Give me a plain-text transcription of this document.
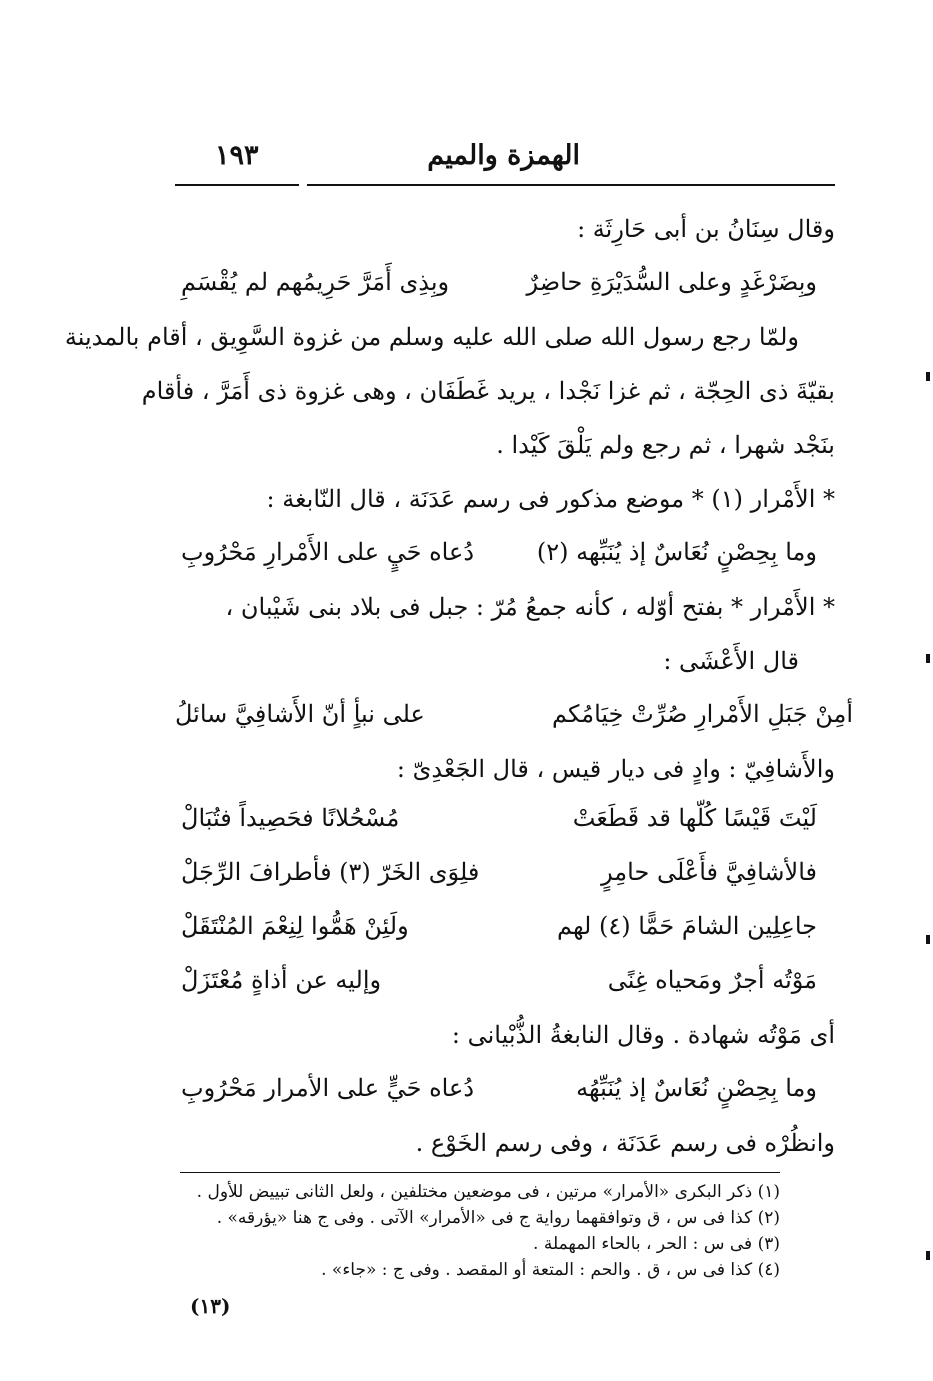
الهمزة والميم
١٩٣

وقال سِنَانُ بن أبى حَارِثَة :

وبِضَرْغَدٍ وعلى السُّدَيْرَةِ حاضِرٌ
وبِذِى أَمَرَّ حَرِيمُهم لم يُقْسَمِ

ولمّا رجع رسول الله صلى الله عليه وسلم من غزوة السَّوِيق ، أقام بالمدينة

بقيّةَ ذى الحِجّة ، ثم غزا نَجْدا ، يريد غَطَفَان ، وهى غزوة ذى أَمَرَّ ، فأقام

بنَجْد شهرا ، ثم رجع ولم يَلْقَ كَيْدا .

* الأَمْرار (١) * موضع مذكور فى رسم عَدَنَة ، قال النّابغة :

وما بِحِصْنٍ نُعَاسٌ إذ يُنَبِّهه (٢)
دُعاه حَيٍ على الأَمْرارِ مَحْرُوبِ

* الأَمْرار * بفتح أوّله ، كأنه جمعُ مُرّ : جبل فى بلاد بنى شَيْبان ،

قال الأَعْشَى :

أمِنْ جَبَلِ الأَمْرارِ صُرِّتْ خِيَامُكم
على نبأٍ أنّ الأَشافِيَّ سائلُ

والأَشافِيّ : وادٍ فى ديار قيس ، قال الجَعْدِىّ :

لَيْتَ قَيْسًا كُلّها قد قَطَعَتْ
مُسْحُلانًا فحَصِيداً فتُبَالْ
فالأشافِيَّ فأَعْلَى حامِرٍ
فلِوَى الخَرّ (٣) فأطرافَ الرِّجَلْ
جاعِلِين الشامَ حَمًّا (٤) لهم
ولَئِنْ هَمُّوا لِنِعْمَ المُنْتَقَلْ
مَوْتُه أجرٌ ومَحياه غِنًى
وإليه عن أذاةٍ مُعْتَزَلْ

أى مَوْتُه شهادة . وقال النابغةُ الذُّبْيانى :

وما بِحِصْنٍ نُعَاسٌ إذ يُنَبِّهُه
دُعاه حَيٍّ على الأمرار مَحْرُوبِ

وانظُرْه فى رسم عَدَنَة ، وفى رسم الخَوْع .

(١) ذكر البكرى «الأمرار» مرتين ، فى موضعين مختلفين ، ولعل الثانى تبييض للأول .
(٢) كذا فى س ، ق وتوافقهما رواية ج فى «الأمرار» الآتى . وفى ج هنا «يؤرقه» .
(٣) فى س : الحر ، بالحاء المهملة .
(٤) كذا فى س ، ق . والحم : المتعة أو المقصد . وفى ج : «جاء» .
(١٣)
